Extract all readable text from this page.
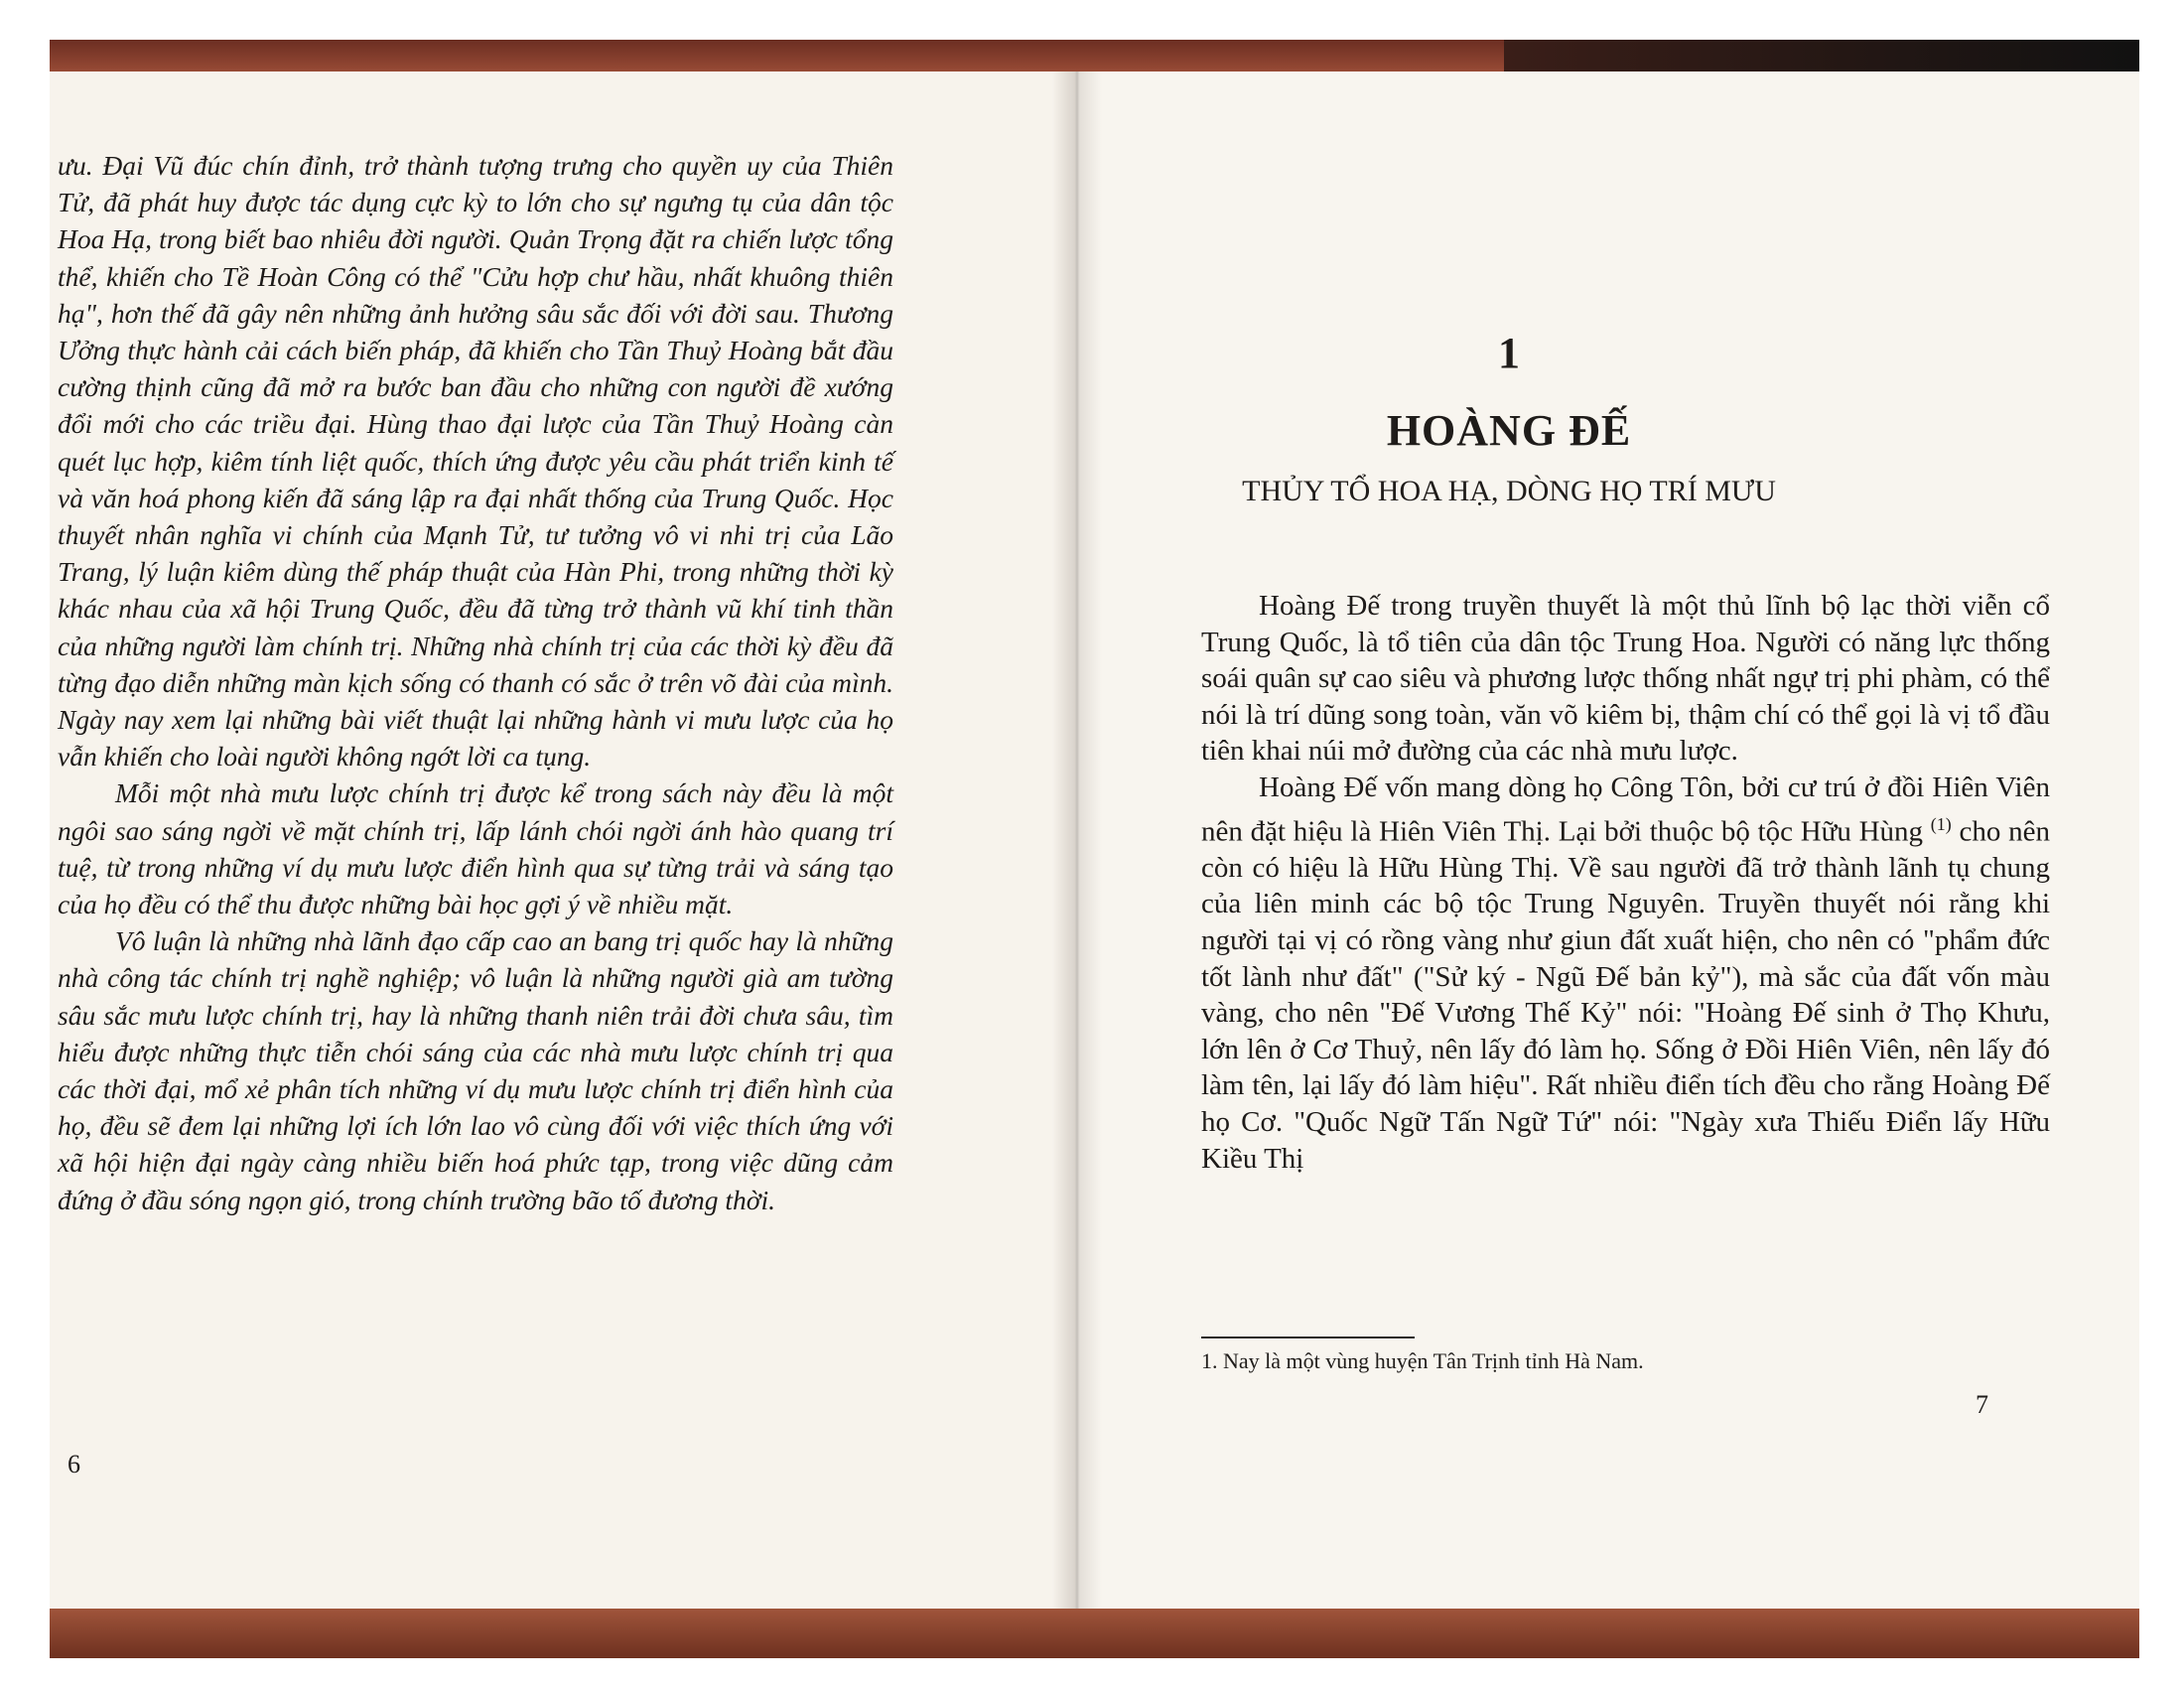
ưu. Đại Vũ đúc chín đỉnh, trở thành tượng trưng cho quyền uy của Thiên Tử, đã phát huy được tác dụng cực kỳ to lớn cho sự ngưng tụ của dân tộc Hoa Hạ, trong biết bao nhiêu đời người. Quản Trọng đặt ra chiến lược tổng thể, khiến cho Tề Hoàn Công có thể "Cửu hợp chư hầu, nhất khuông thiên hạ", hơn thế đã gây nên những ảnh hưởng sâu sắc đối với đời sau. Thương Ưởng thực hành cải cách biến pháp, đã khiến cho Tần Thuỷ Hoàng bắt đầu cường thịnh cũng đã mở ra bước ban đầu cho những con người đề xướng đổi mới cho các triều đại. Hùng thao đại lược của Tần Thuỷ Hoàng càn quét lục hợp, kiêm tính liệt quốc, thích ứng được yêu cầu phát triển kinh tế và văn hoá phong kiến đã sáng lập ra đại nhất thống của Trung Quốc. Học thuyết nhân nghĩa vi chính của Mạnh Tử, tư tưởng vô vi nhi trị của Lão Trang, lý luận kiêm dùng thế pháp thuật của Hàn Phi, trong những thời kỳ khác nhau của xã hội Trung Quốc, đều đã từng trở thành vũ khí tinh thần của những người làm chính trị. Những nhà chính trị của các thời kỳ đều đã từng đạo diễn những màn kịch sống có thanh có sắc ở trên võ đài của mình. Ngày nay xem lại những bài viết thuật lại những hành vi mưu lược của họ vẫn khiến cho loài người không ngớt lời ca tụng.

Mỗi một nhà mưu lược chính trị được kể trong sách này đều là một ngôi sao sáng ngời về mặt chính trị, lấp lánh chói ngời ánh hào quang trí tuệ, từ trong những ví dụ mưu lược điển hình qua sự từng trải và sáng tạo của họ đều có thể thu được những bài học gợi ý về nhiều mặt.

Vô luận là những nhà lãnh đạo cấp cao an bang trị quốc hay là những nhà công tác chính trị nghề nghiệp; vô luận là những người già am tường sâu sắc mưu lược chính trị, hay là những thanh niên trải đời chưa sâu, tìm hiểu được những thực tiễn chói sáng của các nhà mưu lược chính trị qua các thời đại, mổ xẻ phân tích những ví dụ mưu lược chính trị điển hình của họ, đều sẽ đem lại những lợi ích lớn lao vô cùng đối với việc thích ứng với xã hội hiện đại ngày càng nhiều biến hoá phức tạp, trong việc dũng cảm đứng ở đầu sóng ngọn gió, trong chính trường bão tố đương thời.

6
1
HOÀNG ĐẾ
THỦY TỔ HOA HẠ, DÒNG HỌ TRÍ MƯU

Hoàng Đế trong truyền thuyết là một thủ lĩnh bộ lạc thời viễn cổ Trung Quốc, là tổ tiên của dân tộc Trung Hoa. Người có năng lực thống soái quân sự cao siêu và phương lược thống nhất ngự trị phi phàm, có thể nói là trí dũng song toàn, văn võ kiêm bị, thậm chí có thể gọi là vị tổ đầu tiên khai núi mở đường của các nhà mưu lược.

Hoàng Đế vốn mang dòng họ Công Tôn, bởi cư trú ở đồi Hiên Viên nên đặt hiệu là Hiên Viên Thị. Lại bởi thuộc bộ tộc Hữu Hùng $^{(1)}$ cho nên còn có hiệu là Hữu Hùng Thị. Về sau người đã trở thành lãnh tụ chung của liên minh các bộ tộc Trung Nguyên. Truyền thuyết nói rằng khi người tại vị có rồng vàng như giun đất xuất hiện, cho nên có "phẩm đức tốt lành như đất" ("Sử ký - Ngũ Đế bản kỷ"), mà sắc của đất vốn màu vàng, cho nên "Đế Vương Thế Kỷ" nói: "Hoàng Đế sinh ở Thọ Khưu, lớn lên ở Cơ Thuỷ, nên lấy đó làm họ. Sống ở Đồi Hiên Viên, nên lấy đó làm tên, lại lấy đó làm hiệu". Rất nhiều điển tích đều cho rằng Hoàng Đế họ Cơ. "Quốc Ngữ Tấn Ngữ Tứ" nói: "Ngày xưa Thiếu Điển lấy Hữu Kiều Thị

1. Nay là một vùng huyện Tân Trịnh tỉnh Hà Nam.
7
